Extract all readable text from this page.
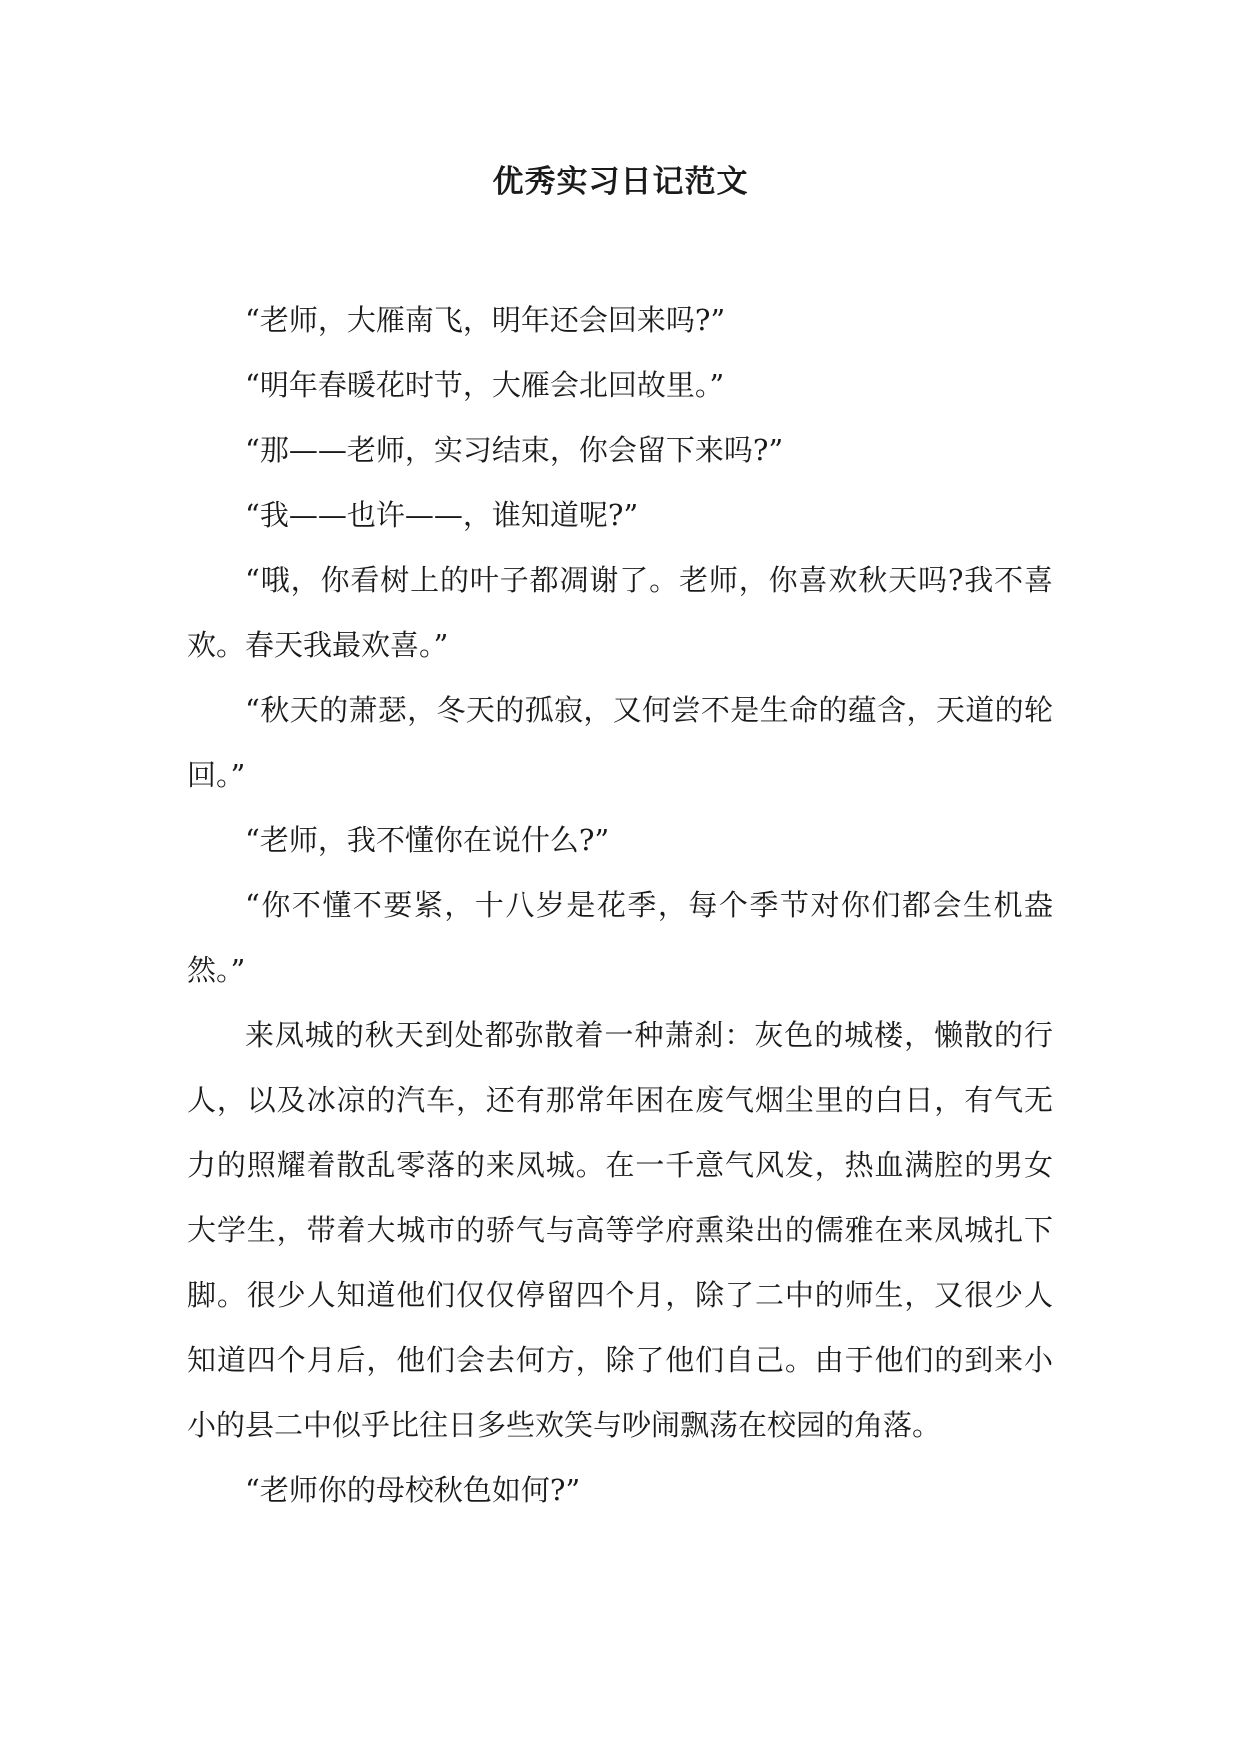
优秀实习日记范文

“老师，大雁南飞，明年还会回来吗?”

“明年春暖花时节，大雁会北回故里。”

“那——老师，实习结束，你会留下来吗?”

“我——也许——，谁知道呢?”

“哦，你看树上的叶子都凋谢了。老师，你喜欢秋天吗?我不喜欢。春天我最欢喜。”

“秋天的萧瑟，冬天的孤寂，又何尝不是生命的蕴含，天道的轮回。”

“老师，我不懂你在说什么?”

“你不懂不要紧，十八岁是花季，每个季节对你们都会生机盎然。”

来凤城的秋天到处都弥散着一种萧刹：灰色的城楼，懒散的行人，以及冰凉的汽车，还有那常年困在废气烟尘里的白日，有气无力的照耀着散乱零落的来凤城。在一千意气风发，热血满腔的男女大学生，带着大城市的骄气与高等学府熏染出的儒雅在来凤城扎下脚。很少人知道他们仅仅停留四个月，除了二中的师生，又很少人知道四个月后，他们会去何方，除了他们自己。由于他们的到来小小的县二中似乎比往日多些欢笑与吵闹飘荡在校园的角落。

“老师你的母校秋色如何?”
